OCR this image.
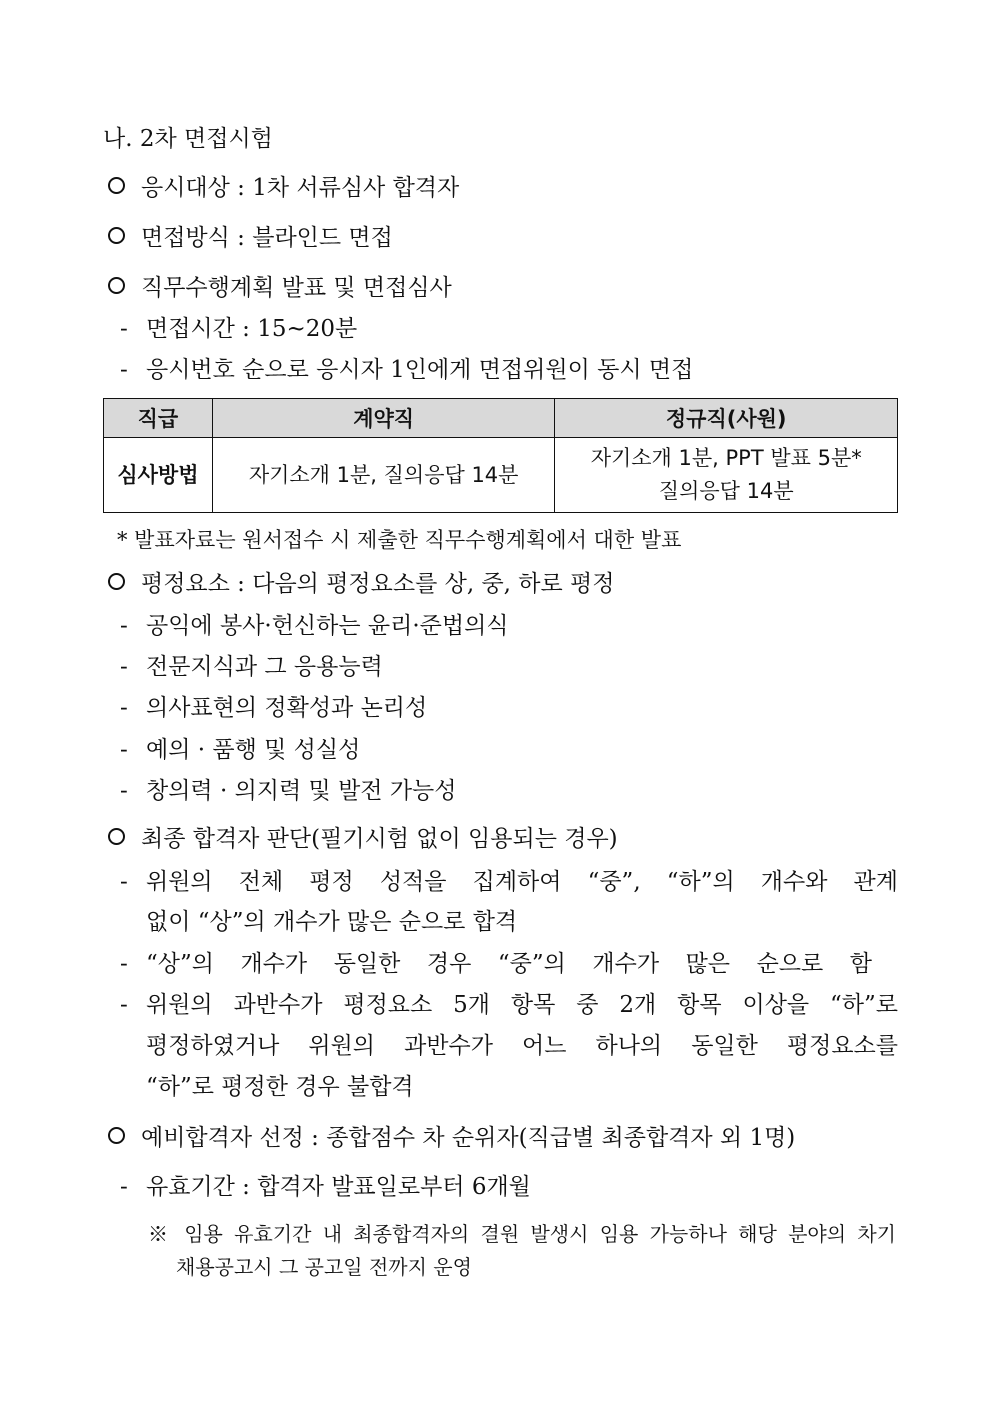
나. 2차 면접시험
응시대상 : 1차 서류심사 합격자
면접방식 : 블라인드 면접
직무수행계획 발표 및 면접심사
- 면접시간 : 15~20분
- 응시번호 순으로 응시자 1인에게 면접위원이 동시 면접
직급	계약직	정규직(사원)
심사방법	자기소개 1분, 질의응답 14분	자기소개 1분, PPT 발표 5분*
질의응답 14분
* 발표자료는 원서접수 시 제출한 직무수행계획에서 대한 발표
평정요소 : 다음의 평정요소를 상, 중, 하로 평정
- 공익에 봉사·헌신하는 윤리·준법의식
- 전문지식과 그 응용능력
- 의사표현의 정확성과 논리성
- 예의 · 품행 및 성실성
- 창의력 · 의지력 및 발전 가능성
최종 합격자 판단(필기시험 없이 임용되는 경우)
- 위원의 전체 평정 성적을 집계하여 “중”, “하”의 개수와 관계
없이 “상”의 개수가 많은 순으로 합격
- “상”의 개수가 동일한 경우 “중”의 개수가 많은 순으로 함
- 위원의 과반수가 평정요소 5개 항목 중 2개 항목 이상을 “하”로
평정하였거나 위원의 과반수가 어느 하나의 동일한 평정요소를
“하”로 평정한 경우 불합격
예비합격자 선정 : 종합점수 차 순위자(직급별 최종합격자 외 1명)
- 유효기간 : 합격자 발표일로부터 6개월
※ 임용 유효기간 내 최종합격자의 결원 발생시 임용 가능하나 해당 분야의 차기
채용공고시 그 공고일 전까지 운영
